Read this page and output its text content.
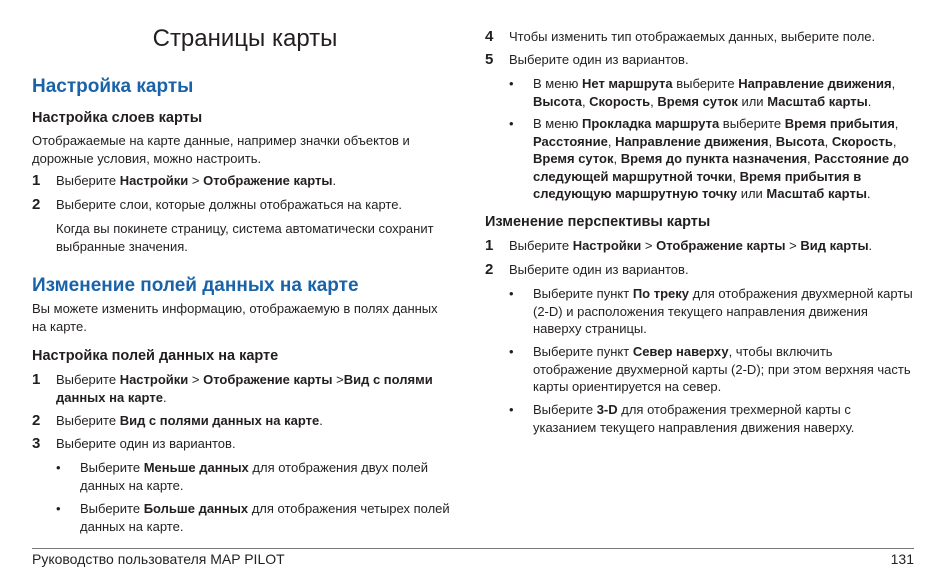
Страницы карты
Настройка карты
Настройка слоев карты

Отображаемые на карте данные, например значки объектов и дорожные условия, можно настроить.

1	Выберите Настройки > Отображение карты.
2	Выберите слои, которые должны отображаться на карте.

Когда вы покинете страницу, система автоматически сохранит выбранные значения.

Изменение полей данных на карте

Вы можете изменить информацию, отображаемую в полях данных на карте.

Настройка полей данных на карте
1	Выберите Настройки > Отображение карты >Вид с полями данных на карте.
2	Выберите Вид с полями данных на карте.
3	Выберите один из вариантов.
•	Выберите Меньше данных для отображения двух полей данных на карте.
•	Выберите Больше данных для отображения четырех полей данных на карте.
4	Чтобы изменить тип отображаемых данных, выберите поле.
5	Выберите один из вариантов.
•	В меню Нет маршрута выберите Направление движения, Высота, Скорость, Время суток или Масштаб карты.
•	В меню Прокладка маршрута выберите Время прибытия, Расстояние, Направление движения, Высота, Скорость, Время суток, Время до пункта назначения, Расстояние до следующей маршрутной точки, Время прибытия в следующую маршрутную точку или Масштаб карты.
Изменение перспективы карты
1	Выберите Настройки > Отображение карты > Вид карты.
2	Выберите один из вариантов.
•	Выберите пункт По треку для отображения двухмерной карты (2-D) и расположения текущего направления движения наверху страницы.
•	Выберите пункт Север наверху, чтобы включить отображение двухмерной карты (2-D); при этом верхняя часть карты ориентируется на север.
•	Выберите 3-D для отображения трехмерной карты с указанием текущего направления движения наверху.
Руководство пользователя MAP PILOT	131
